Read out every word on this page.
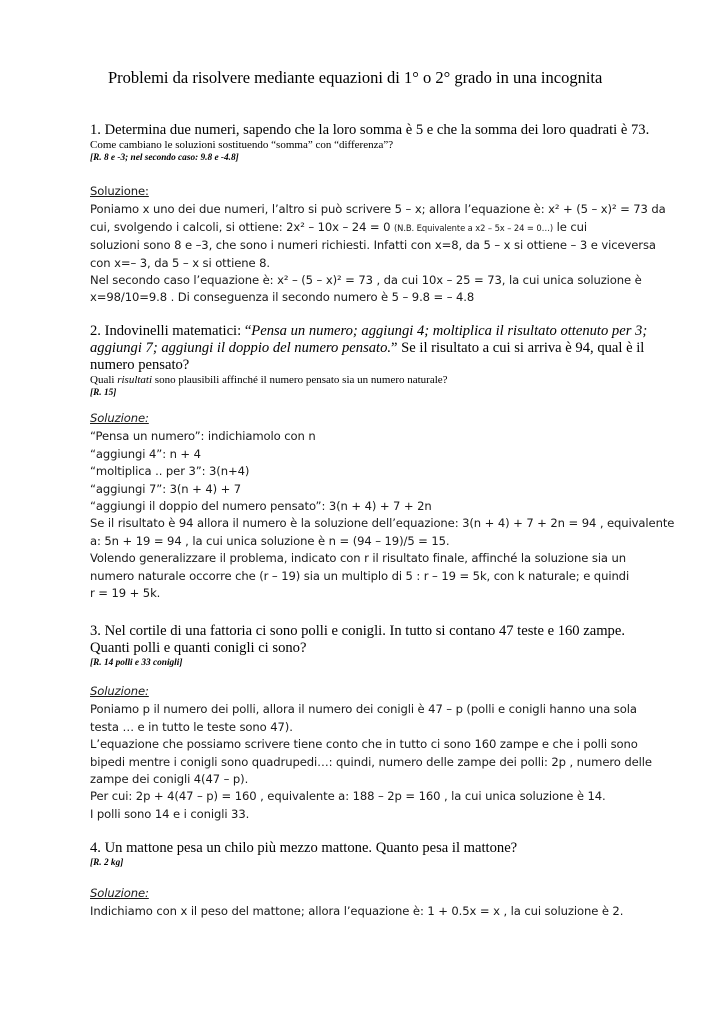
Problemi da risolvere mediante equazioni di 1° o 2° grado in una incognita
1. Determina due numeri, sapendo che la loro somma è 5 e che la somma dei loro quadrati è 73.
Come cambiano le soluzioni sostituendo “somma” con “differenza”?
[R. 8 e -3; nel secondo caso: 9.8 e -4.8]
Soluzione:
Poniamo x uno dei due numeri, l’altro si può scrivere 5 – x; allora l’equazione è: x² + (5 – x)² = 73 da
cui, svolgendo i calcoli, si ottiene: 2x² – 10x – 24 = 0 (N.B. Equivalente a x2 – 5x – 24 = 0…) le cui
soluzioni sono 8 e –3, che sono i numeri richiesti. Infatti con x=8, da 5 – x si ottiene – 3 e viceversa
con x=– 3, da 5 – x si ottiene 8.
Nel secondo caso l’equazione è: x² – (5 – x)² = 73 , da cui 10x – 25 = 73, la cui unica soluzione è
x=98/10=9.8 . Di conseguenza il secondo numero è 5 – 9.8 = – 4.8
2. Indovinelli matematici: “Pensa un numero; aggiungi 4; moltiplica il risultato ottenuto per 3; aggiungi 7; aggiungi il doppio del numero pensato.” Se il risultato a cui si arriva è 94, qual è il numero pensato?
Quali risultati sono plausibili affinché il numero pensato sia un numero naturale?
[R. 15]
Soluzione:
“Pensa un numero”: indichiamolo con n
“aggiungi 4”: n + 4
“moltiplica .. per 3”: 3(n+4)
“aggiungi 7”: 3(n + 4) + 7
“aggiungi il doppio del numero pensato”: 3(n + 4) + 7 + 2n
Se il risultato è 94 allora il numero è la soluzione dell’equazione: 3(n + 4) + 7 + 2n = 94 , equivalente
a: 5n + 19 = 94 , la cui unica soluzione è n = (94 – 19)/5 = 15.
Volendo generalizzare il problema, indicato con r il risultato finale, affinché la soluzione sia un
numero naturale occorre che (r – 19) sia un multiplo di 5 : r – 19 = 5k, con k naturale; e quindi
r = 19 + 5k.
3. Nel cortile di una fattoria ci sono polli e conigli. In tutto si contano 47 teste e 160 zampe.
Quanti polli e quanti conigli ci sono?
[R. 14 polli e 33 conigli]
Soluzione:
Poniamo p il numero dei polli, allora il numero dei conigli è 47 – p (polli e conigli hanno una sola
testa … e in tutto le teste sono 47).
L’equazione che possiamo scrivere tiene conto che in tutto ci sono 160 zampe e che i polli sono
bipedi mentre i conigli sono quadrupedi…: quindi, numero delle zampe dei polli: 2p , numero delle
zampe dei conigli 4(47 – p).
Per cui: 2p + 4(47 – p) = 160 , equivalente a: 188 – 2p = 160 , la cui unica soluzione è 14.
I polli sono 14 e i conigli 33.
4. Un mattone pesa un chilo più mezzo mattone. Quanto pesa il mattone?
[R. 2 kg]
Soluzione:
Indichiamo con x il peso del mattone; allora l’equazione è: 1 + 0.5x = x , la cui soluzione è 2.
